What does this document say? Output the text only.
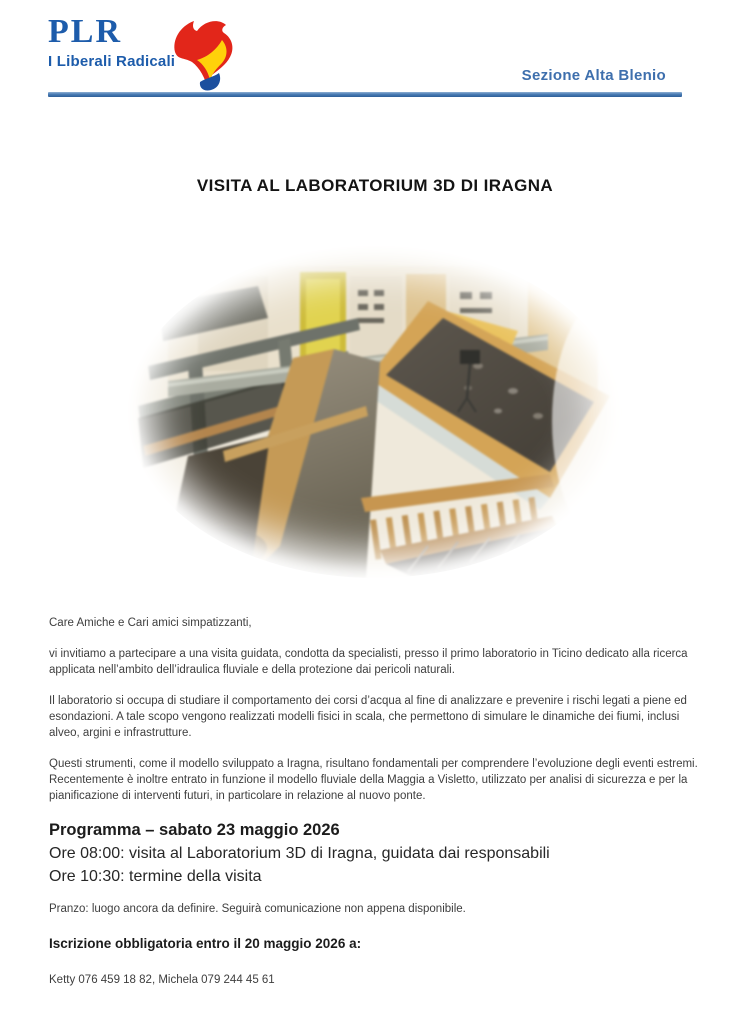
PLR
I Liberali Radicali
Sezione Alta Blenio
VISITA AL LABORATORIUM 3D DI IRAGNA

Care Amiche e Cari amici simpatizzanti,

vi invitiamo a partecipare a una visita guidata, condotta da specialisti, presso il primo laboratorio in Ticino dedicato alla ricerca applicata nell’ambito dell’idraulica fluviale e della protezione dai pericoli naturali.

Il laboratorio si occupa di studiare il comportamento dei corsi d’acqua al fine di analizzare e prevenire i rischi legati a piene ed esondazioni. A tale scopo vengono realizzati modelli fisici in scala, che permettono di simulare le dinamiche dei fiumi, inclusi alveo, argini e infrastrutture.

Questi strumenti, come il modello sviluppato a Iragna, risultano fondamentali per comprendere l’evoluzione degli eventi estremi. Recentemente è inoltre entrato in funzione il modello fluviale della Maggia a Visletto, utilizzato per analisi di sicurezza e per la pianificazione di interventi futuri, in particolare in relazione al nuovo ponte.

Programma – sabato 23 maggio 2026
Ore 08:00: visita al Laboratorium 3D di Iragna, guidata dai responsabili
Ore 10:30: termine della visita
Pranzo: luogo ancora da definire. Seguirà comunicazione non appena disponibile.
Iscrizione obbligatoria entro il 20 maggio 2026 a:
Ketty 076 459 18 82, Michela 079 244 45 61
